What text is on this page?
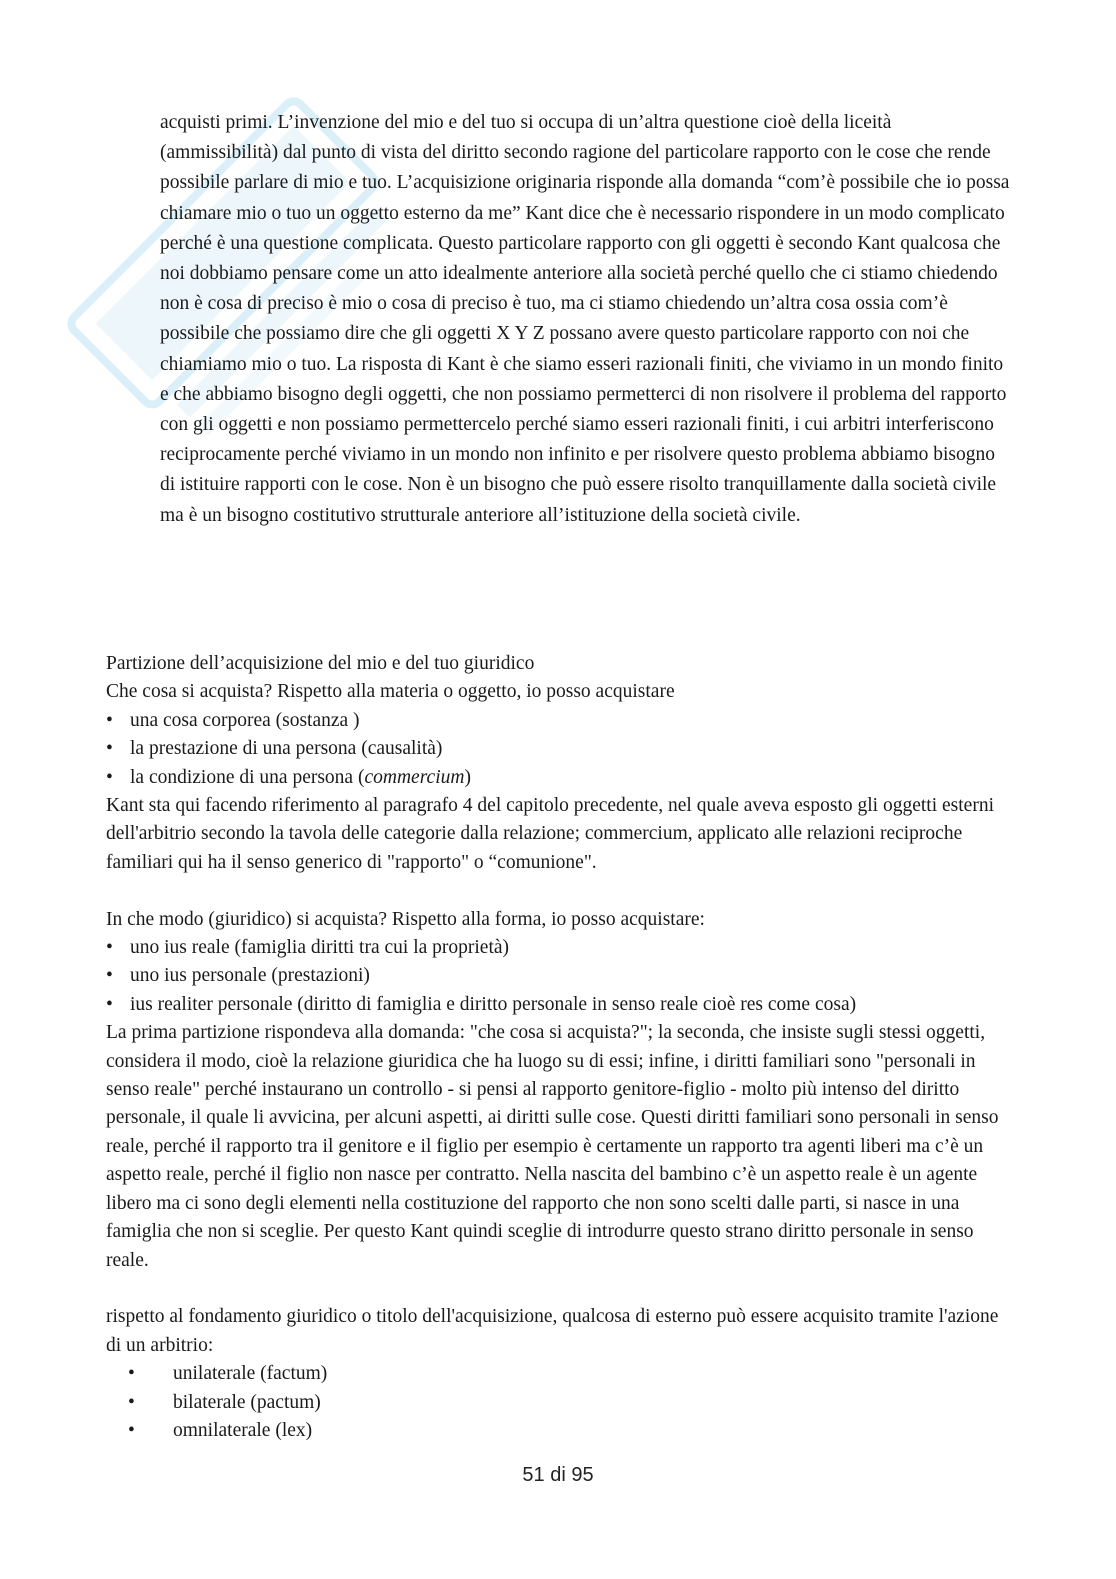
acquisti primi. L’invenzione del mio e del tuo si occupa di un’altra questione cioè della liceità (ammissibilità) dal punto di vista del diritto secondo ragione del particolare rapporto con le cose che rende possibile parlare di mio e tuo. L’acquisizione originaria risponde alla domanda “com’è possibile che io possa chiamare mio o tuo un oggetto esterno da me” Kant dice che è necessario rispondere in un modo complicato perché è una questione complicata. Questo particolare rapporto con gli oggetti è secondo Kant qualcosa che noi dobbiamo pensare come un atto idealmente anteriore alla società perché quello che ci stiamo chiedendo non è cosa di preciso è mio o cosa di preciso è tuo, ma ci stiamo chiedendo un’altra cosa ossia com’è possibile che possiamo dire che gli oggetti X Y Z possano avere questo particolare rapporto con noi che chiamiamo mio o tuo. La risposta di Kant è che siamo esseri razionali finiti, che viviamo in un mondo finito e che abbiamo bisogno degli oggetti, che non possiamo permetterci di non risolvere il problema del rapporto con gli oggetti e non possiamo permettercelo perché siamo esseri razionali finiti, i cui arbitri interferiscono reciprocamente perché viviamo in un mondo non infinito e per risolvere questo problema abbiamo bisogno di istituire rapporti con le cose. Non è un bisogno che può essere risolto tranquillamente dalla società civile ma è un bisogno costitutivo strutturale anteriore all’istituzione della società civile.

Partizione dell’acquisizione del mio e del tuo giuridico

Che cosa si acquista? Rispetto alla materia o oggetto, io posso acquistare

• una cosa corporea (sostanza )
• la prestazione di una persona (causalità)
• la condizione di una persona (commercium)

Kant sta qui facendo riferimento al paragrafo 4 del capitolo precedente, nel quale aveva esposto gli oggetti esterni dell'arbitrio secondo la tavola delle categorie dalla relazione; commercium, applicato alle relazioni reciproche familiari qui ha il senso generico di "rapporto" o “comunione".

In che modo (giuridico) si acquista? Rispetto alla forma, io posso acquistare:

• uno ius reale (famiglia diritti tra cui la proprietà)
• uno ius personale (prestazioni)
• ius realiter personale (diritto di famiglia e diritto personale in senso reale cioè res come cosa)

La prima partizione rispondeva alla domanda: "che cosa si acquista?"; la seconda, che insiste sugli stessi oggetti, considera il modo, cioè la relazione giuridica che ha luogo su di essi; infine, i diritti familiari sono "personali in senso reale" perché instaurano un controllo - si pensi al rapporto genitore-figlio - molto più intenso del diritto personale, il quale li avvicina, per alcuni aspetti, ai diritti sulle cose. Questi diritti familiari sono personali in senso reale, perché il rapporto tra il genitore e il figlio per esempio è certamente un rapporto tra agenti liberi ma c’è un aspetto reale, perché il figlio non nasce per contratto. Nella nascita del bambino c’è un aspetto reale è un agente libero ma ci sono degli elementi nella costituzione del rapporto che non sono scelti dalle parti, si nasce in una famiglia che non si sceglie. Per questo Kant quindi sceglie di introdurre questo strano diritto personale in senso reale.

rispetto al fondamento giuridico o titolo dell'acquisizione, qualcosa di esterno può essere acquisito tramite l'azione di un arbitrio:

• unilaterale (factum)
• bilaterale (pactum)
• omnilaterale (lex)
51 di 95
